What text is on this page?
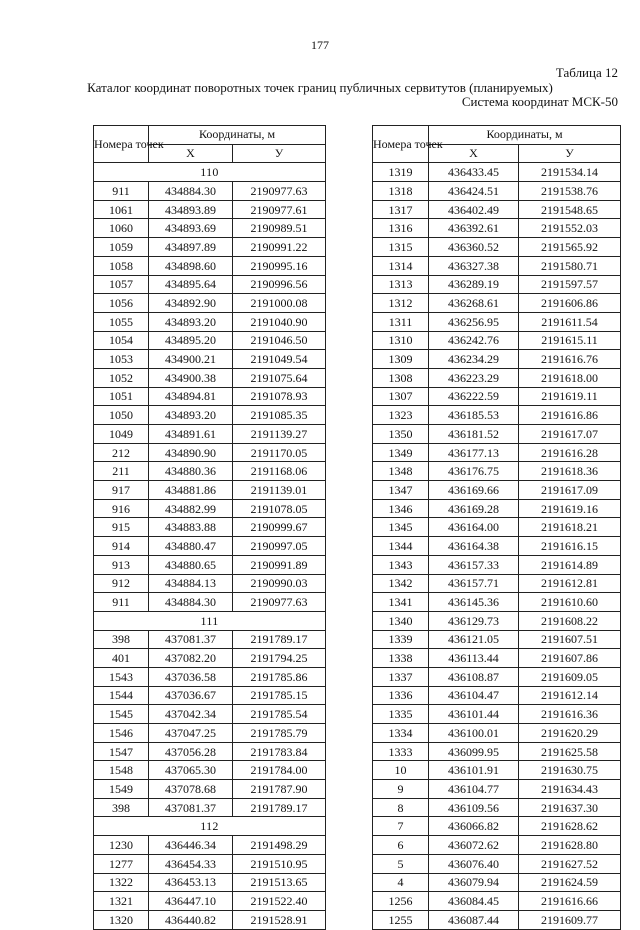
177
Таблица 12
Каталог координат поворотных точек границ публичных сервитутов (планируемых)
Система координат МСК-50
Номера точек	Координаты, м	
	X	У
110		
911	434884.30	2190977.63
1061	434893.89	2190977.61
1060	434893.69	2190989.51
1059	434897.89	2190991.22
1058	434898.60	2190995.16
1057	434895.64	2190996.56
1056	434892.90	2191000.08
1055	434893.20	2191040.90
1054	434895.20	2191046.50
1053	434900.21	2191049.54
1052	434900.38	2191075.64
1051	434894.81	2191078.93
1050	434893.20	2191085.35
1049	434891.61	2191139.27
212	434890.90	2191170.05
211	434880.36	2191168.06
917	434881.86	2191139.01
916	434882.99	2191078.05
915	434883.88	2190999.67
914	434880.47	2190997.05
913	434880.65	2190991.89
912	434884.13	2190990.03
911	434884.30	2190977.63
111		
398	437081.37	2191789.17
401	437082.20	2191794.25
1543	437036.58	2191785.86
1544	437036.67	2191785.15
1545	437042.34	2191785.54
1546	437047.25	2191785.79
1547	437056.28	2191783.84
1548	437065.30	2191784.00
1549	437078.68	2191787.90
398	437081.37	2191789.17
112		
1230	436446.34	2191498.29
1277	436454.33	2191510.95
1322	436453.13	2191513.65
1321	436447.10	2191522.40
1320	436440.82	2191528.91
Номера точек	Координаты, м	
	X	У
1319	436433.45	2191534.14
1318	436424.51	2191538.76
1317	436402.49	2191548.65
1316	436392.61	2191552.03
1315	436360.52	2191565.92
1314	436327.38	2191580.71
1313	436289.19	2191597.57
1312	436268.61	2191606.86
1311	436256.95	2191611.54
1310	436242.76	2191615.11
1309	436234.29	2191616.76
1308	436223.29	2191618.00
1307	436222.59	2191619.11
1323	436185.53	2191616.86
1350	436181.52	2191617.07
1349	436177.13	2191616.28
1348	436176.75	2191618.36
1347	436169.66	2191617.09
1346	436169.28	2191619.16
1345	436164.00	2191618.21
1344	436164.38	2191616.15
1343	436157.33	2191614.89
1342	436157.71	2191612.81
1341	436145.36	2191610.60
1340	436129.73	2191608.22
1339	436121.05	2191607.51
1338	436113.44	2191607.86
1337	436108.87	2191609.05
1336	436104.47	2191612.14
1335	436101.44	2191616.36
1334	436100.01	2191620.29
1333	436099.95	2191625.58
10	436101.91	2191630.75
9	436104.77	2191634.43
8	436109.56	2191637.30
7	436066.82	2191628.62
6	436072.62	2191628.80
5	436076.40	2191627.52
4	436079.94	2191624.59
1256	436084.45	2191616.66
1255	436087.44	2191609.77
